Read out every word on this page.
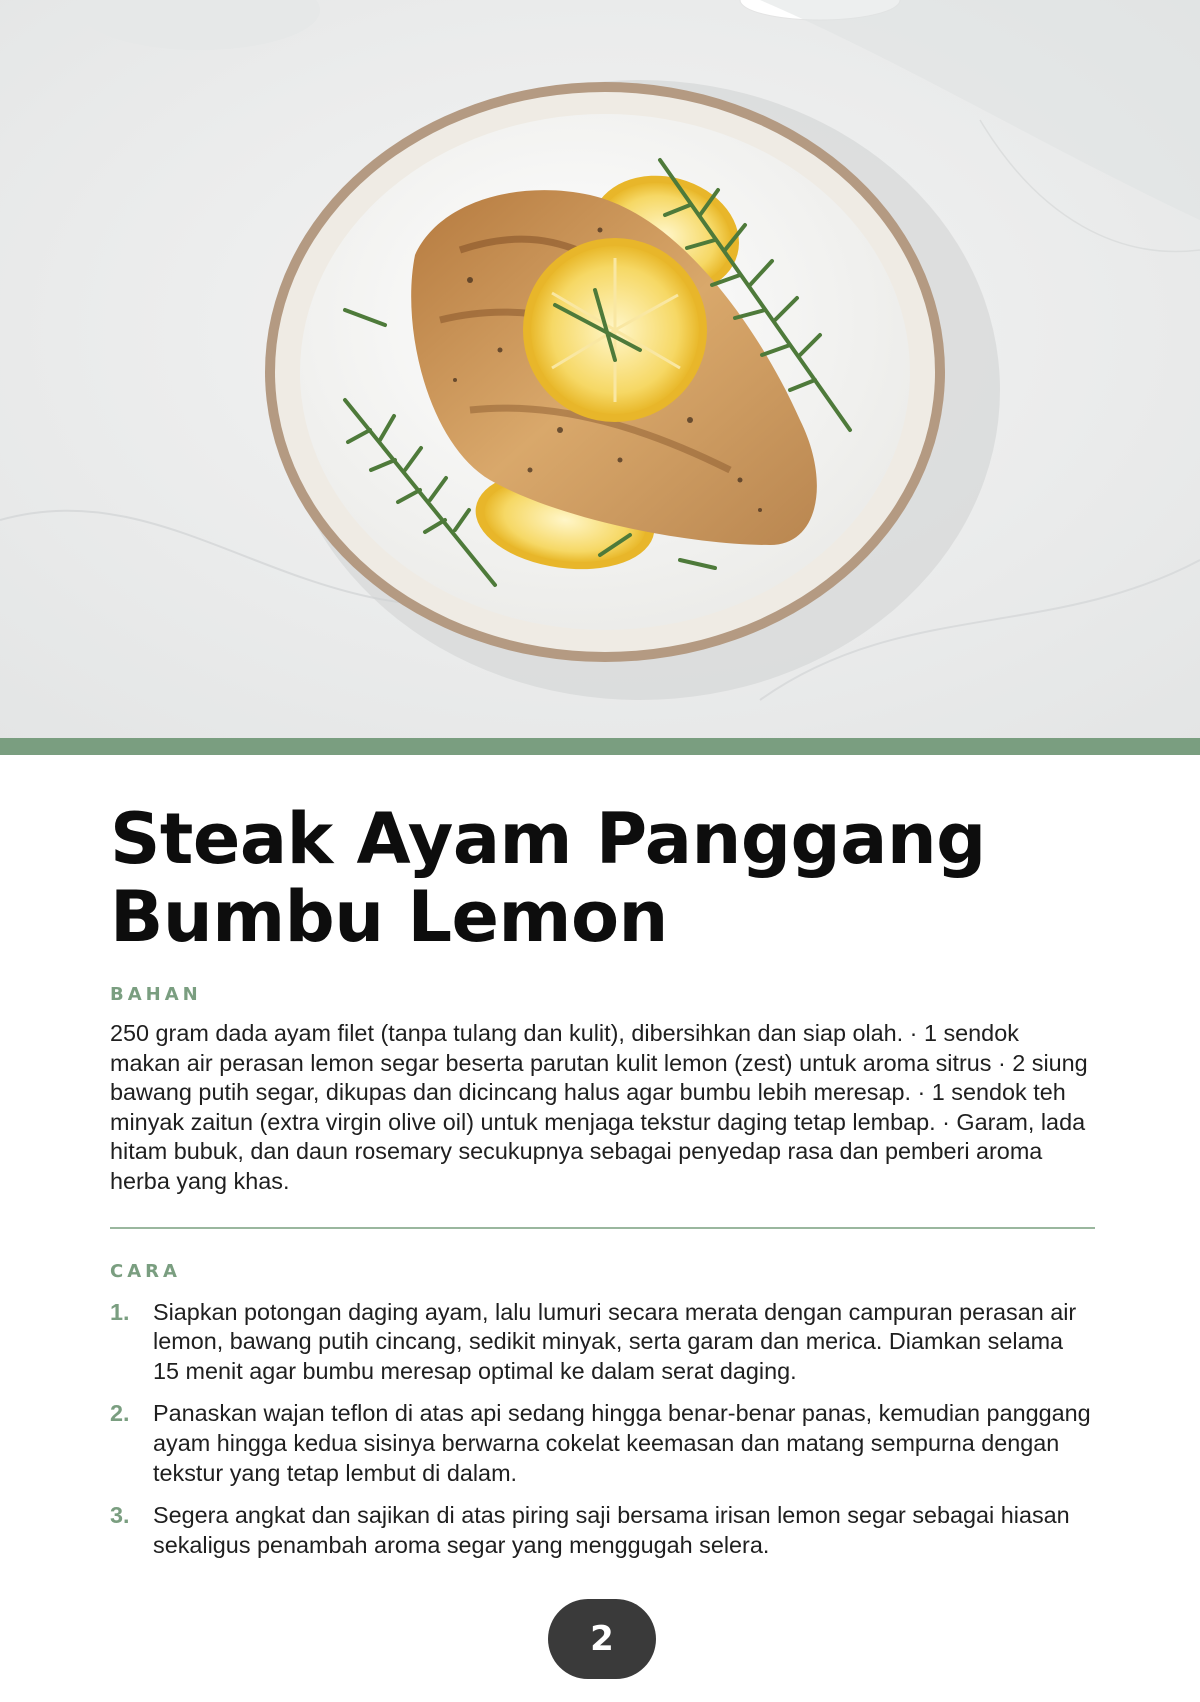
Steak Ayam Panggang
Bumbu Lemon
BAHAN

250 gram dada ayam filet (tanpa tulang dan kulit), dibersihkan dan siap olah. · 1 sendok makan air perasan lemon segar beserta parutan kulit lemon (zest) untuk aroma sitrus · 2 siung bawang putih segar, dikupas dan dicincang halus agar bumbu lebih meresap. · 1 sendok teh minyak zaitun (extra virgin olive oil) untuk menjaga tekstur daging tetap lembap. · Garam, lada hitam bubuk, dan daun rosemary secukupnya sebagai penyedap rasa dan pemberi aroma herba yang khas.

CARA
1. Siapkan potongan daging ayam, lalu lumuri secara merata dengan campuran perasan air lemon, bawang putih cincang, sedikit minyak, serta garam dan merica. Diamkan selama 15 menit agar bumbu meresap optimal ke dalam serat daging.
2. Panaskan wajan teflon di atas api sedang hingga benar-benar panas, kemudian panggang ayam hingga kedua sisinya berwarna cokelat keemasan dan matang sempurna dengan tekstur yang tetap lembut di dalam.
3. Segera angkat dan sajikan di atas piring saji bersama irisan lemon segar sebagai hiasan sekaligus penambah aroma segar yang menggugah selera.
2
